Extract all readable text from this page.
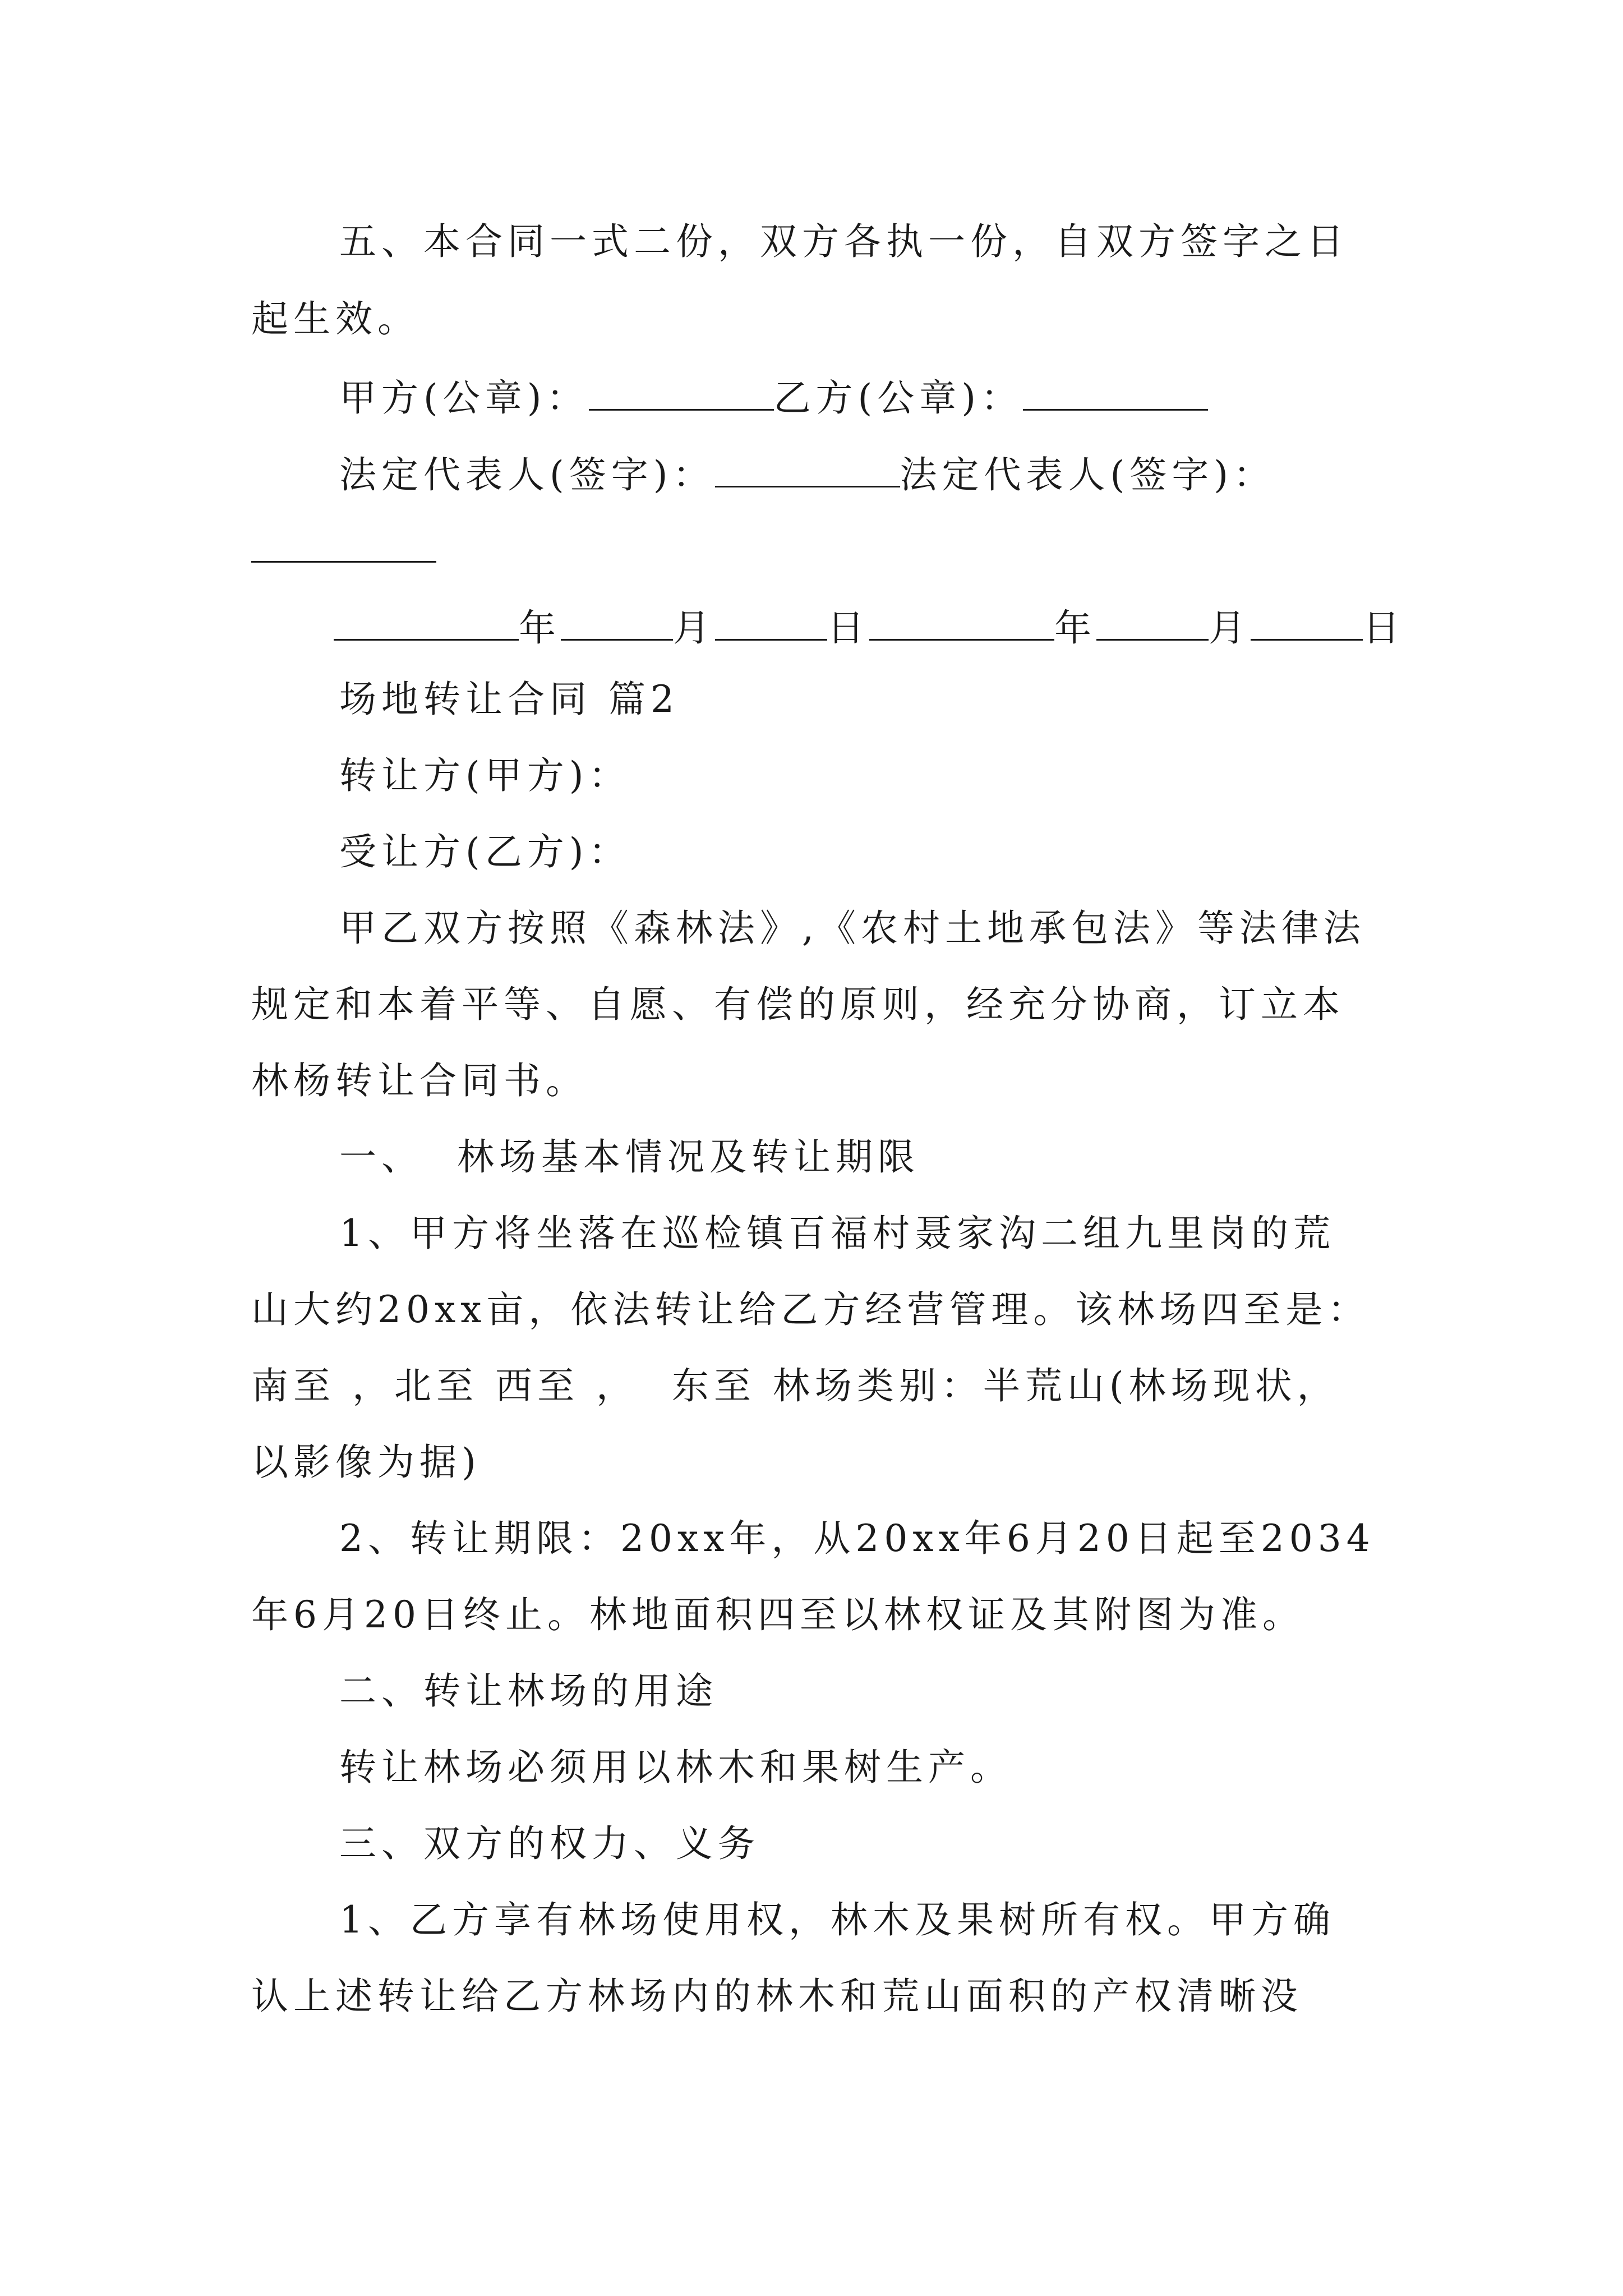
五、本合同一式二份，双方各执一份，自双方签字之日
起生效。
甲方(公章)：	乙方(公章)：
法定代表人(签字)：	法定代表人(签字)：
年	月	日	年	月	日
场地转让合同 篇2
转让方(甲方)：
受让方(乙方)：
甲乙双方按照《森林法》,《农村土地承包法》等法律法
规定和本着平等、自愿、有偿的原则，经充分协商，订立本
林杨转让合同书。
一、  林场基本情况及转让期限
1、甲方将坐落在巡检镇百福村聂家沟二组九里岗的荒
山大约20xx亩，依法转让给乙方经营管理。该林场四至是：
南至 ，北至 西至 ，  东至 林场类别：半荒山(林场现状，
以影像为据)
2、转让期限：20xx年，从20xx年6月20日起至2034
年6月20日终止。林地面积四至以林权证及其附图为准。
二、转让林场的用途
转让林场必须用以林木和果树生产。
三、双方的权力、义务
1、乙方享有林场使用权，林木及果树所有权。甲方确
认上述转让给乙方林场内的林木和荒山面积的产权清晰没
